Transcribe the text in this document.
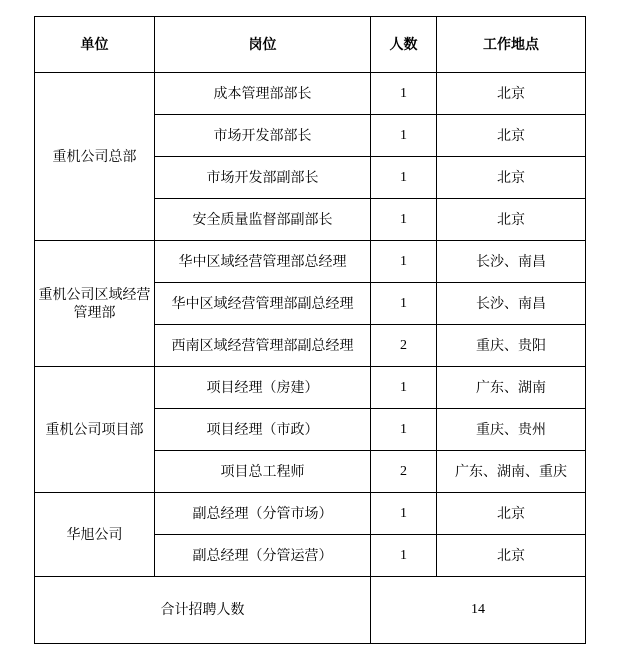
单位	岗位	人数	工作地点
重机公司总部	成本管理部部长	1	北京
	市场开发部部长	1	北京
	市场开发部副部长	1	北京
	安全质量监督部副部长	1	北京
重机公司区域经营管理部	华中区域经营管理部总经理	1	长沙、南昌
	华中区域经营管理部副总经理	1	长沙、南昌
	西南区域经营管理部副总经理	2	重庆、贵阳
重机公司项目部	项目经理（房建）	1	广东、湖南
	项目经理（市政）	1	重庆、贵州
	项目总工程师	2	广东、湖南、重庆
华旭公司	副总经理（分管市场）	1	北京
	副总经理（分管运营）	1	北京
合计招聘人数		14	
